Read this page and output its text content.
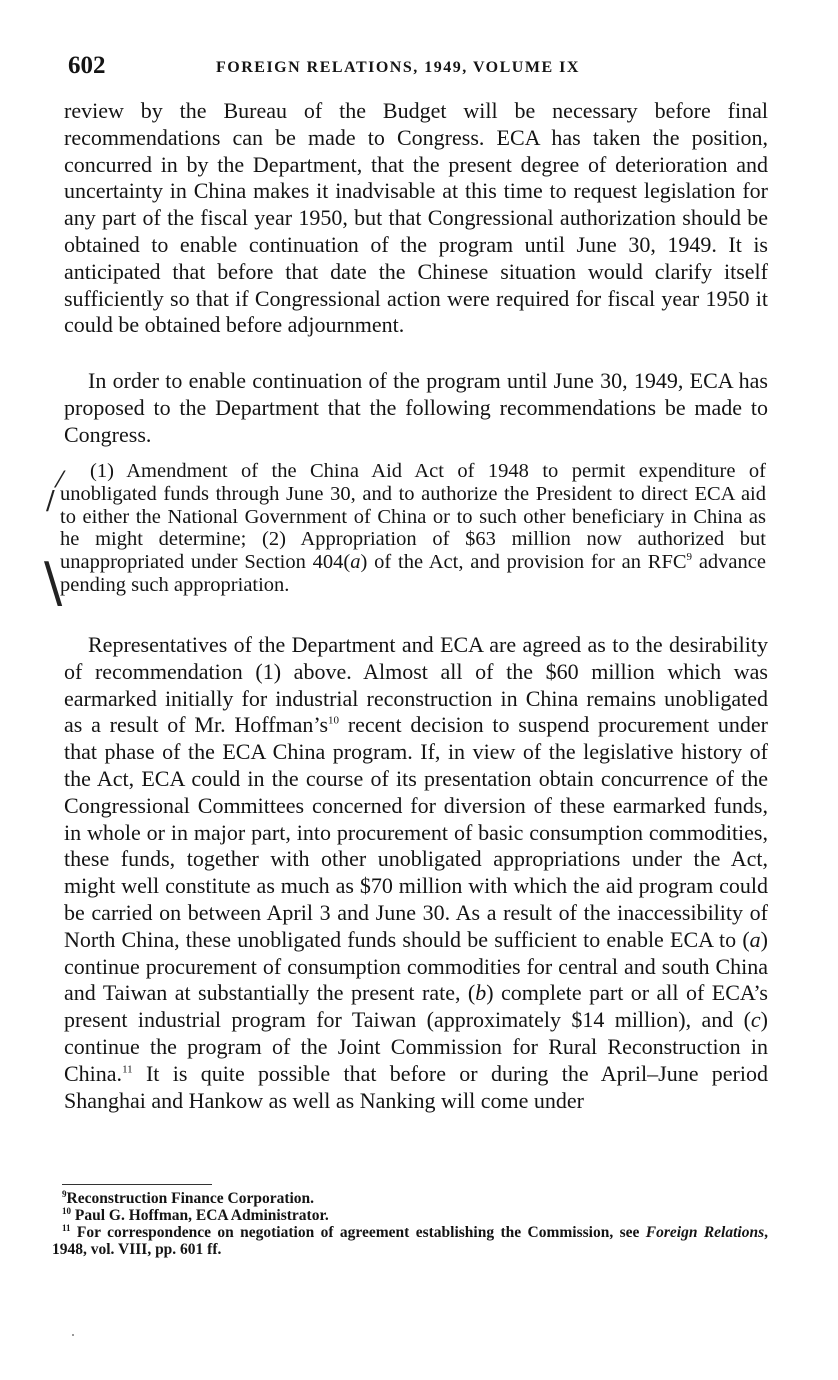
602	FOREIGN RELATIONS, 1949, VOLUME IX

review by the Bureau of the Budget will be necessary before final recommendations can be made to Congress. ECA has taken the position, concurred in by the Department, that the present degree of deterioration and uncertainty in China makes it inadvisable at this time to request legislation for any part of the fiscal year 1950, but that Congressional authorization should be obtained to enable continuation of the program until June 30, 1949. It is anticipated that before that date the Chinese situation would clarify itself sufficiently so that if Congressional action were required for fiscal year 1950 it could be obtained before adjournment.

In order to enable continuation of the program until June 30, 1949, ECA has proposed to the Department that the following recommendations be made to Congress.

(1) Amendment of the China Aid Act of 1948 to permit expenditure of unobligated funds through June 30, and to authorize the President to direct ECA aid to either the National Government of China or to such other beneficiary in China as he might determine; (2) Appropriation of $63 million now authorized but unappropriated under Section 404(a) of the Act, and provision for an RFC$^9$ advance pending such appropriation.

⁄
/
\

Representatives of the Department and ECA are agreed as to the desirability of recommendation (1) above. Almost all of the $60 million which was earmarked initially for industrial reconstruction in China remains unobligated as a result of Mr. $Hoffman’s^{10}$ recent decision to suspend procurement under that phase of the ECA China program. If, in view of the legislative history of the Act, ECA could in the course of its presentation obtain concurrence of the Congressional Committees concerned for diversion of these earmarked funds, in whole or in major part, into procurement of basic consumption commodities, these funds, together with other unobligated appropriations under the Act, might well constitute as much as $70 million with which the aid program could be carried on between April 3 and June 30. As a result of the inaccessibility of North China, these unobligated funds should be sufficient to enable ECA to (a) continue procurement of consumption commodities for central and south China and Taiwan at substantially the present rate, (b) complete part or all of ECA’s present industrial program for Taiwan (approximately $14 million), and (c) continue the program of the Joint Commission for Rural Reconstruction in China.$^{11}$ It is quite possible that before or during the April–June period Shanghai and Hankow as well as Nanking will come under

$^9$Reconstruction Finance Corporation.

$^{10}$ Paul G. Hoffman, ECA Administrator.

$^{11}$ For correspondence on negotiation of agreement establishing the Commission, see Foreign Relations, 1948, vol. VIII, pp. 601 ff.
